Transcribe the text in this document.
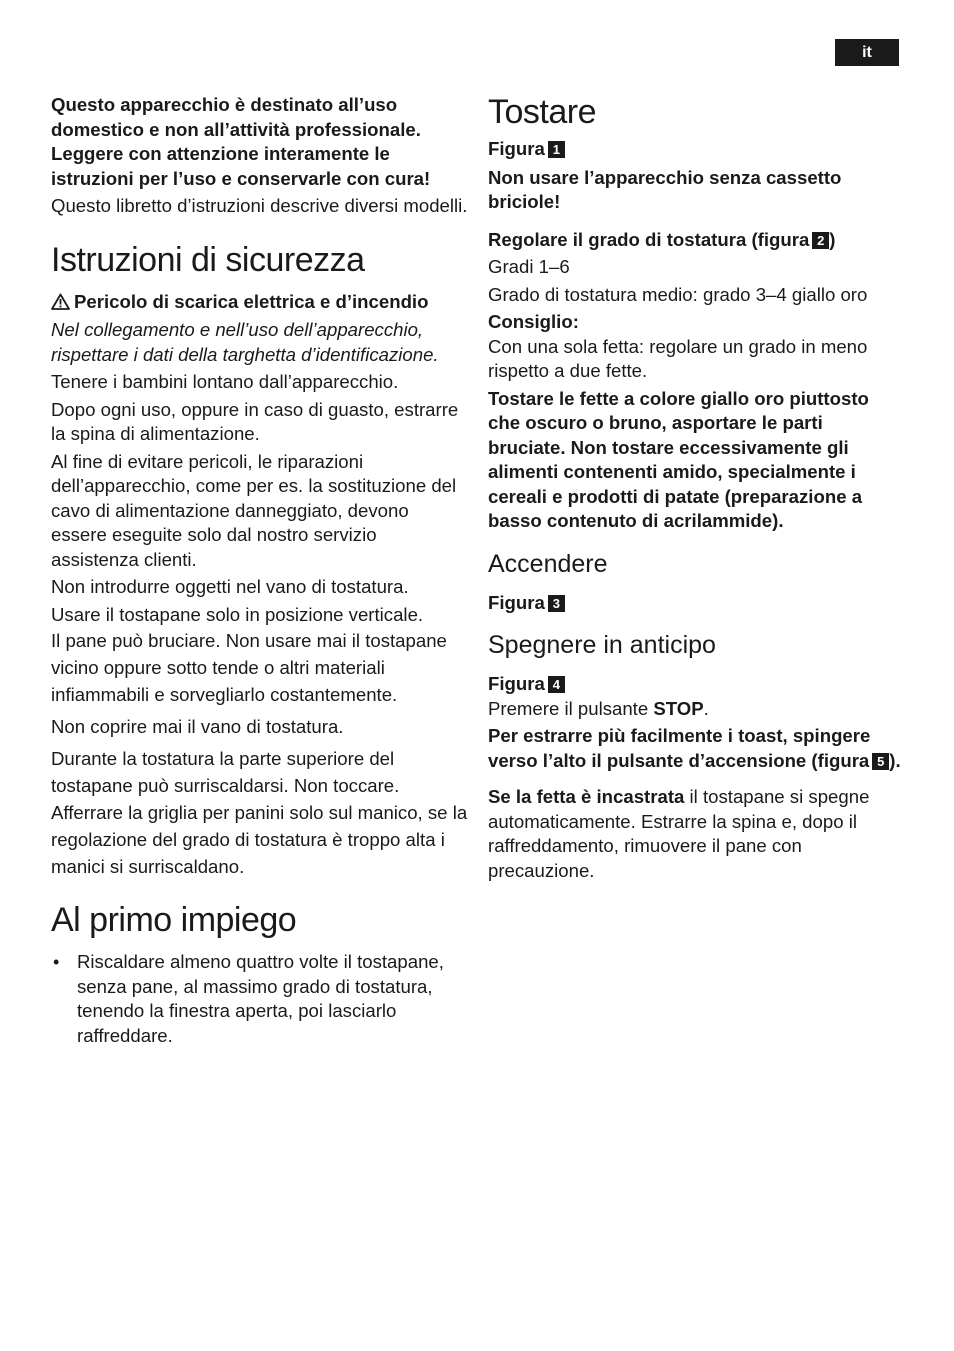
it

Questo apparecchio è destinato all’uso domestico e non all’attività professionale. Leggere con attenzione interamente le istruzioni per l’uso e conservarle con cura!

Questo libretto d’istruzioni descrive diversi modelli.

Istruzioni di sicurezza

Pericolo di scarica elettrica e d’incendio

Nel collegamento e nell’uso dell’apparecchio, rispettare i dati della targhetta d’identificazione.

Tenere i bambini lontano dall’apparecchio.

Dopo ogni uso, oppure in caso di guasto, estrarre la spina di alimentazione.

Al fine di evitare pericoli, le riparazioni dell’apparecchio, come per es. la sostituzione del cavo di alimentazione danneggiato, devono essere eseguite solo dal nostro servizio assistenza clienti.

Non introdurre oggetti nel vano di tostatura.

Usare il tostapane solo in posizione verticale.

Il pane può bruciare. Non usare mai il tostapane vicino oppure sotto tende o altri materiali infiammabili e sorvegliarlo costantemente.

Non coprire mai il vano di tostatura.

Durante la tostatura la parte superiore del tostapane può surriscaldarsi. Non toccare. Afferrare la griglia per panini solo sul manico, se la regolazione del grado di tostatura è troppo alta i manici si surriscaldano.

Al primo impiego
• Riscaldare almeno quattro volte il tostapane, senza pane, al massimo grado di tostatura, tenendo la finestra aperta, poi lasciarlo raffreddare.
Tostare

Figura 1

Non usare l’apparecchio senza cassetto briciole!

Regolare il grado di tostatura (figura 2 )

Gradi 1–6

Grado di tostatura medio: grado 3–4 giallo oro

Consiglio:

Con una sola fetta: regolare un grado in meno rispetto a due fette.

Tostare le fette a colore giallo oro piuttosto che oscuro o bruno, asportare le parti bruciate. Non tostare eccessivamente gli alimenti contenenti amido, specialmente i cereali e prodotti di patate (preparazione a basso contenuto di acrilammide).

Accendere

Figura 3

Spegnere in anticipo

Figura 4

Premere il pulsante STOP.

Per estrarre più facilmente i toast, spingere verso l’alto il pulsante d’accensione (figura 5 ).

Se la fetta è incastrata il tostapane si spegne automaticamente. Estrarre la spina e, dopo il raffreddamento, rimuovere il pane con precauzione.
